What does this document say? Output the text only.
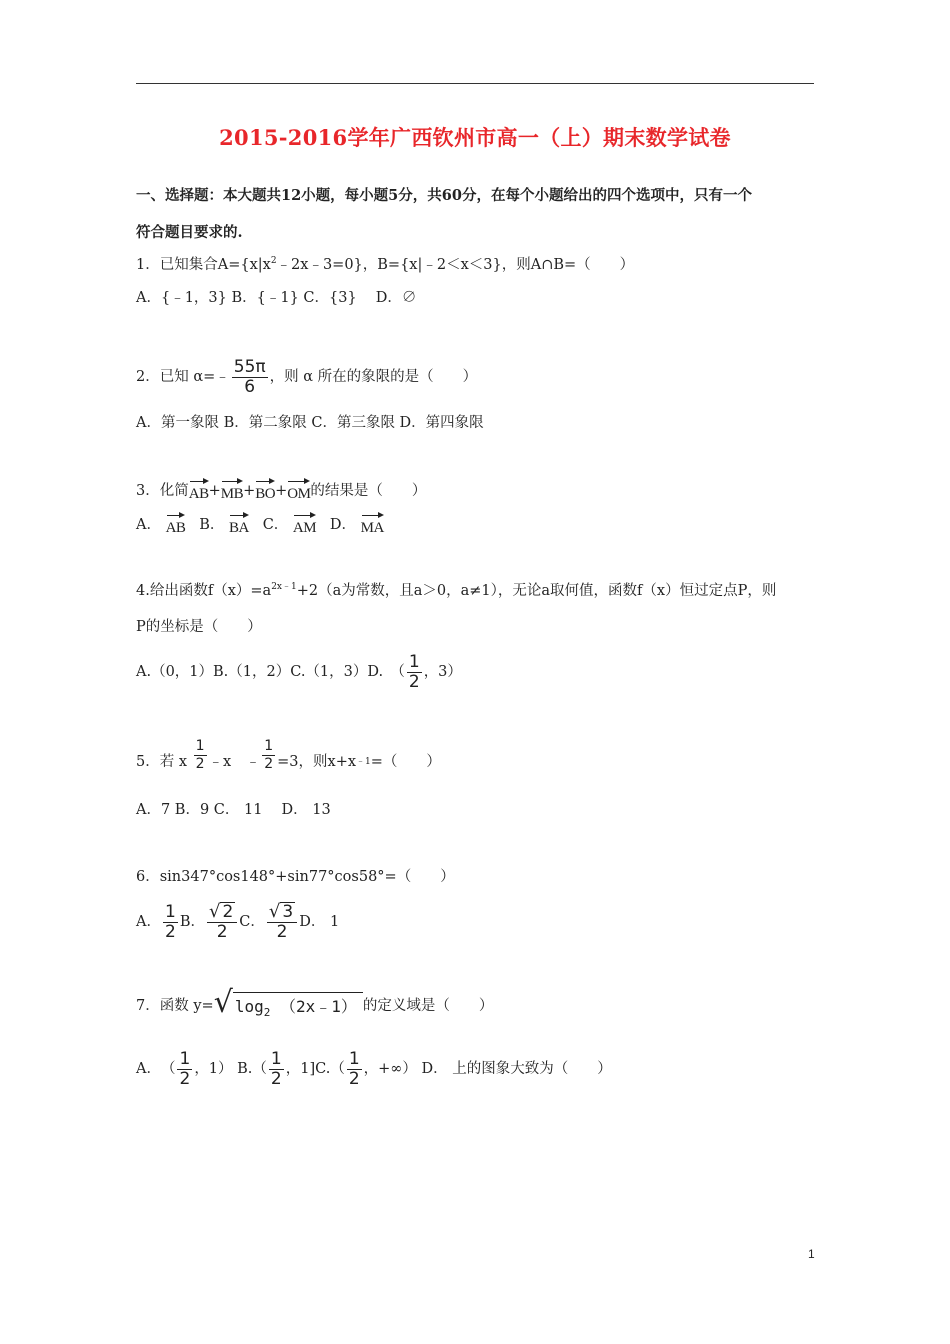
2015-2016学年广西钦州市高一（上）期末数学试卷
一、选择题：本大题共12小题，每小题5分，共60分，在每个小题给出的四个选项中，只有一个
符合题目要求的.
1．已知集合$A=\{x|x^2﹣2x﹣3=0\}$，B={x|﹣2＜x＜3}，则A∩B=（　　）
A．{﹣1，3} B．{﹣1} C．{3}　 D．∅
2．已知 α=﹣ $\frac{55\pi}{6}$ ，则 α 所在的象限的是（　　）
A．第一象限 B．第二象限 C．第三象限 D．第四象限
3．化简AB+MB+BO+OM的结果是（　　）
A． AB B． BA C． AM D． MA
4.给出函数$f(x)=a^{2x﹣1}+2(a$为常数，且a＞0，a≠1），无论a取何值，函数f（x）恒过定点P，则
P的坐标是（　　）
A.（0，1）B.（1，2）C.（1，3）D.　（ $\frac{1}{2}$ ，3）
5．若 x
$\frac{1}{2}$ ﹣x　﹣ $\frac{1}{2} =3$，则x+x ﹣1 =（　　）
A．7 B．9 C． 11　 D． 13
6．sin347°cos148°+sin77°cos58°=（　　）
A． $\frac{1}{2}$ B． $\frac{√ 2}{2}$ C． $\frac{√ 3}{2}$ D． 1
7．函数 y= √ $\log_2$ （2x﹣1） 的定义域是（　　）
A．　（ $\frac{1}{2}$ ，1） $B.( \frac{1}{2}$ ，$1]C.( \frac{1}{2}$ ，+∞） D． 上的图象大致为（　　）
1
